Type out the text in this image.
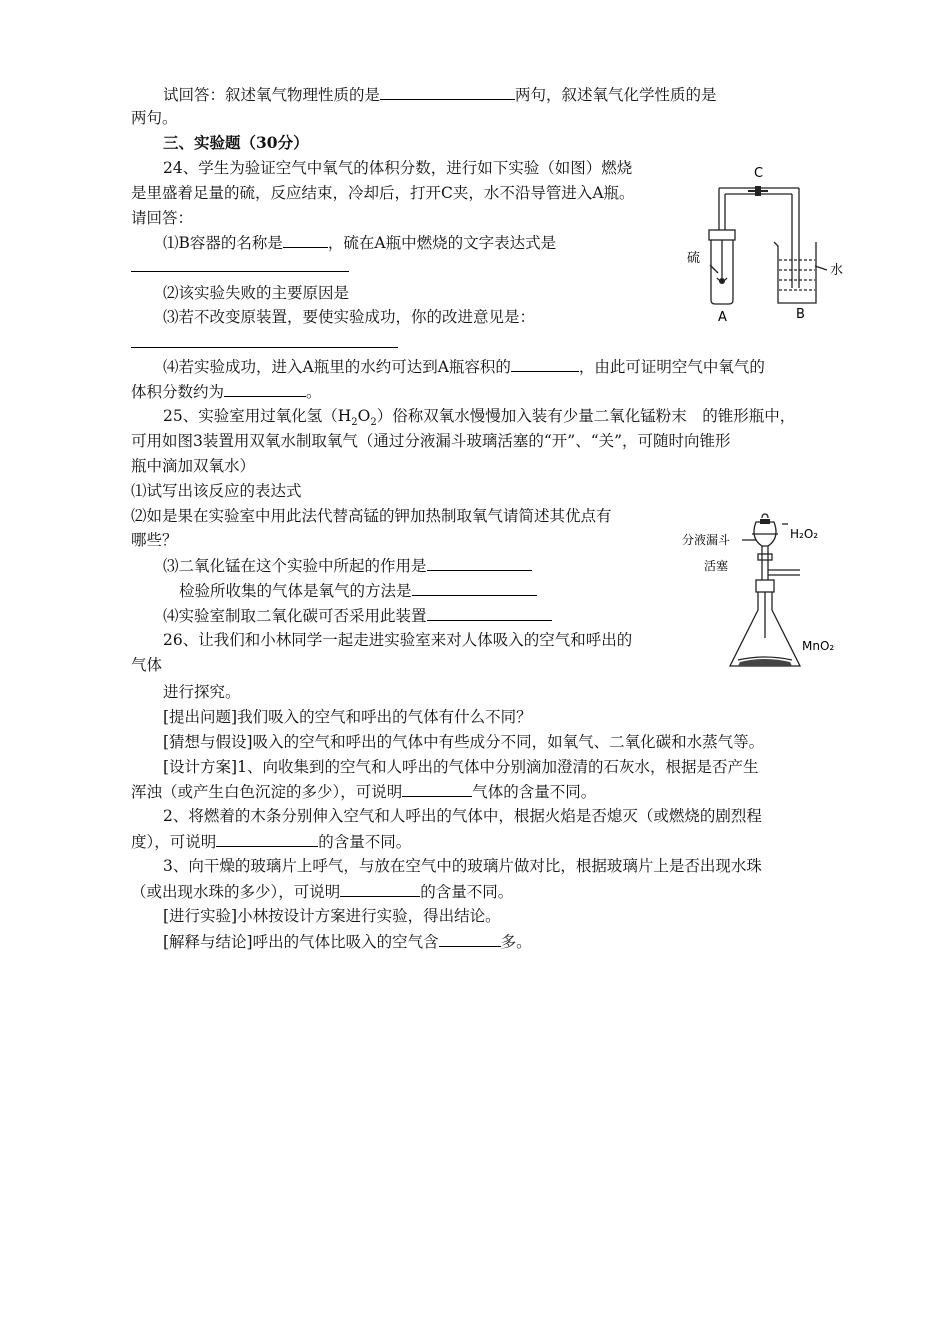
试回答：叙述氧气物理性质的是	两句，叙述氧气化学性质的是
两句。
三、实验题（30分）
24、学生为验证空气中氧气的体积分数，进行如下实验（如图）燃烧
是里盛着足量的硫，反应结束，冷却后，打开C夹，水不沿导管进入A瓶。
请回答：
⑴B容器的名称是	，硫在A瓶中燃烧的文字表达式是
⑵该实验失败的主要原因是
⑶若不改变原装置，要使实验成功，你的改进意见是：
⑷若实验成功，进入A瓶里的水约可达到A瓶容积的	，由此可证明空气中氧气的
体积分数约为	。
25、实验室用过氧化氢$(H_2O_2)$俗称双氧水慢慢加入装有少量二氧化锰粉末　的锥形瓶中，
可用如图3装置用双氧水制取氧气（通过分液漏斗玻璃活塞的“开”、“关”，可随时向锥形
瓶中滴加双氧水）
⑴试写出该反应的表达式
⑵如是果在实验室中用此法代替高锰的钾加热制取氧气请简述其优点有
哪些？
⑶二氧化锰在这个实验中所起的作用是
检验所收集的气体是氧气的方法是
⑷实验室制取二氧化碳可否采用此装置
26、让我们和小林同学一起走进实验室来对人体吸入的空气和呼出的
气体
进行探究。
[提出问题]我们吸入的空气和呼出的气体有什么不同？
[猜想与假设]吸入的空气和呼出的气体中有些成分不同，如氧气、二氧化碳和水蒸气等。
[设计方案]1、向收集到的空气和人呼出的气体中分别滴加澄清的石灰水，根据是否产生
浑浊（或产生白色沉淀的多少），可说明	气体的含量不同。
2、将燃着的木条分别伸入空气和人呼出的气体中，根据火焰是否熄灭（或燃烧的剧烈程
度），可说明	的含量不同。
3、向干燥的玻璃片上呼气，与放在空气中的玻璃片做对比，根据玻璃片上是否出现水珠
（或出现水珠的多少），可说明	的含量不同。
[进行实验]小林按设计方案进行实验，得出结论。
[解释与结论]呼出的气体比吸入的空气含	多。
C
硫
水
A	B
分液漏斗	H₂O₂
活塞
MnO₂
